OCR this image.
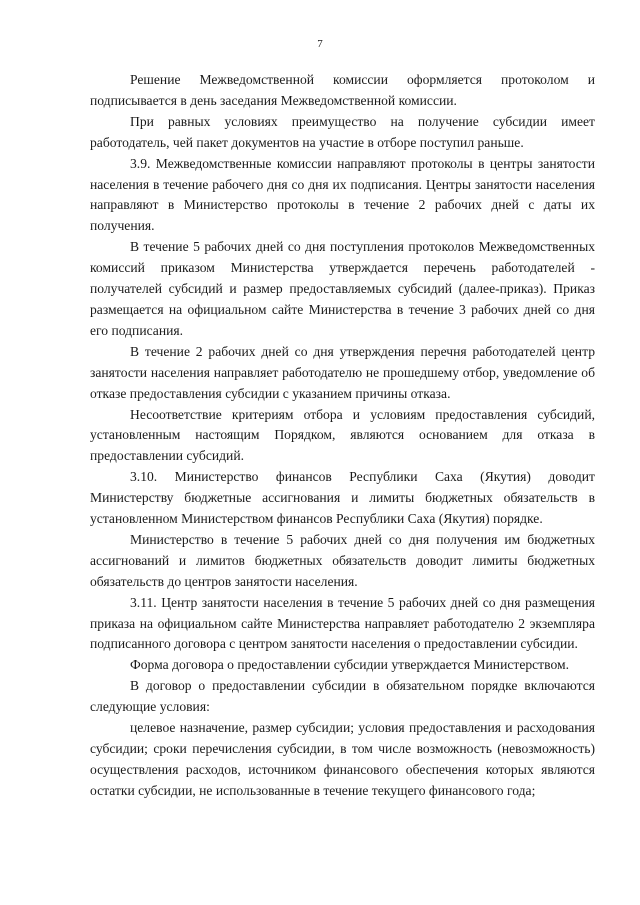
7

Решение Межведомственной комиссии оформляется протоколом и подписывается в день заседания Межведомственной комиссии.

При равных условиях преимущество на получение субсидии имеет работодатель, чей пакет документов на участие в отборе поступил раньше.

3.9. Межведомственные комиссии направляют протоколы в центры занятости населения в течение рабочего дня со дня их подписания. Центры занятости населения направляют в Министерство протоколы в течение 2 рабочих дней с даты их получения.

В течение 5 рабочих дней со дня поступления протоколов Межведомственных комиссий приказом Министерства утверждается перечень работодателей - получателей субсидий и размер предоставляемых субсидий (далее-приказ). Приказ размещается на официальном сайте Министерства в течение 3 рабочих дней со дня его подписания.

В течение 2 рабочих дней со дня утверждения перечня работодателей центр занятости населения направляет работодателю не прошедшему отбор, уведомление об отказе предоставления субсидии с указанием причины отказа.

Несоответствие критериям отбора и условиям предоставления субсидий, установленным настоящим Порядком, являются основанием для отказа в предоставлении субсидий.

3.10. Министерство финансов Республики Саха (Якутия) доводит Министерству бюджетные ассигнования и лимиты бюджетных обязательств в установленном Министерством финансов Республики Саха (Якутия) порядке.

Министерство в течение 5 рабочих дней со дня получения им бюджетных ассигнований и лимитов бюджетных обязательств доводит лимиты бюджетных обязательств до центров занятости населения.

3.11. Центр занятости населения в течение 5 рабочих дней со дня размещения приказа на официальном сайте Министерства направляет работодателю 2 экземпляра подписанного договора с центром занятости населения о предоставлении субсидии.

Форма договора о предоставлении субсидии утверждается Министерством.

В договор о предоставлении субсидии в обязательном порядке включаются следующие условия:

целевое назначение, размер субсидии; условия предоставления и расходования субсидии; сроки перечисления субсидии, в том числе возможность (невозможность) осуществления расходов, источником финансового обеспечения которых являются остатки субсидии, не использованные в течение текущего финансового года;
